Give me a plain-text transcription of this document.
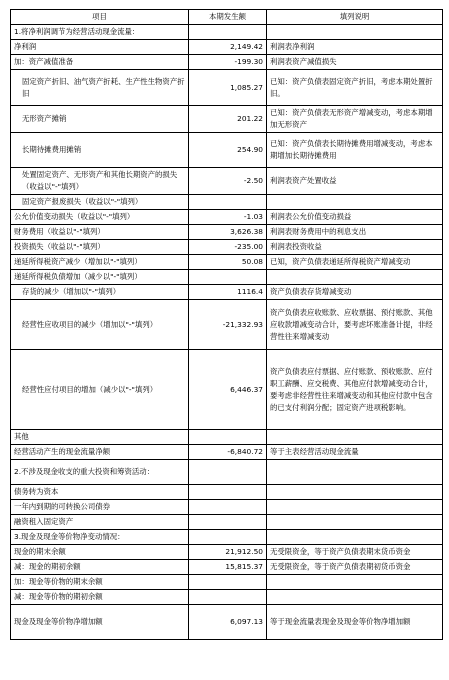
项目	本期发生额	填列说明
1.将净利润调节为经营活动现金流量：		
净利润	2,149.42	利润表净利润
加：资产减值准备	-199.30	利润表资产减值损失
固定资产折旧、油气资产折耗、生产性生物资产折旧	1,085.27	已知：资产负债表固定资产折旧，考虑本期处置折旧。
无形资产摊销	201.22	已知：资产负债表无形资产增减变动，考虑本期增加无形资产
长期待摊费用摊销	254.90	已知：资产负债表长期待摊费用增减变动，考虑本期增加长期待摊费用
处置固定资产、无形资产和其他长期资产的损失（收益以"-"填列）	-2.50	利润表资产处置收益
固定资产报废损失（收益以"-"填列）		
公允价值变动损失（收益以"-"填列）	-1.03	利润表公允价值变动损益
财务费用（收益以"-"填列）	3,626.38	利润表财务费用中的利息支出
投资损失（收益以"-"填列）	-235.00	利润表投资收益
递延所得税资产减少（增加以"-"填列）	50.08	已知，资产负债表递延所得税资产增减变动
递延所得税负债增加（减少以"-"填列）		
存货的减少（增加以"-"填列）	1116.4	资产负债表存货增减变动
经营性应收项目的减少（增加以"-"填列）	-21,332.93	资产负债表应收账款、应收票据、预付账款、其他应收款增减变动合计，要考虑坏账准备计提，非经营性往来增减变动
经营性应付项目的增加（减少以"-"填列）	6,446.37	资产负债表应付票据、应付账款、预收账款、应付职工薪酬、应交税费、其他应付款增减变动合计，要考虑非经营性往来增减变动和其他应付款中包含的已支付利润分配；固定资产进项税影响。
其他		
经营活动产生的现金流量净额	-6,840.72	等于主表经营活动现金流量
2.不涉及现金收支的重大投资和筹资活动：		
债务转为资本		
一年内到期的可转换公司债券		
融资租入固定资产		
3.现金及现金等价物净变动情况：		
现金的期末余额	21,912.50	无受限资金，等于资产负债表期末货币资金
减：现金的期初余额	15,815.37	无受限资金，等于资产负债表期初货币资金
加：现金等价物的期末余额		
减：现金等价物的期初余额		
现金及现金等价物净增加额	6,097.13	等于现金流量表现金及现金等价物净增加额
